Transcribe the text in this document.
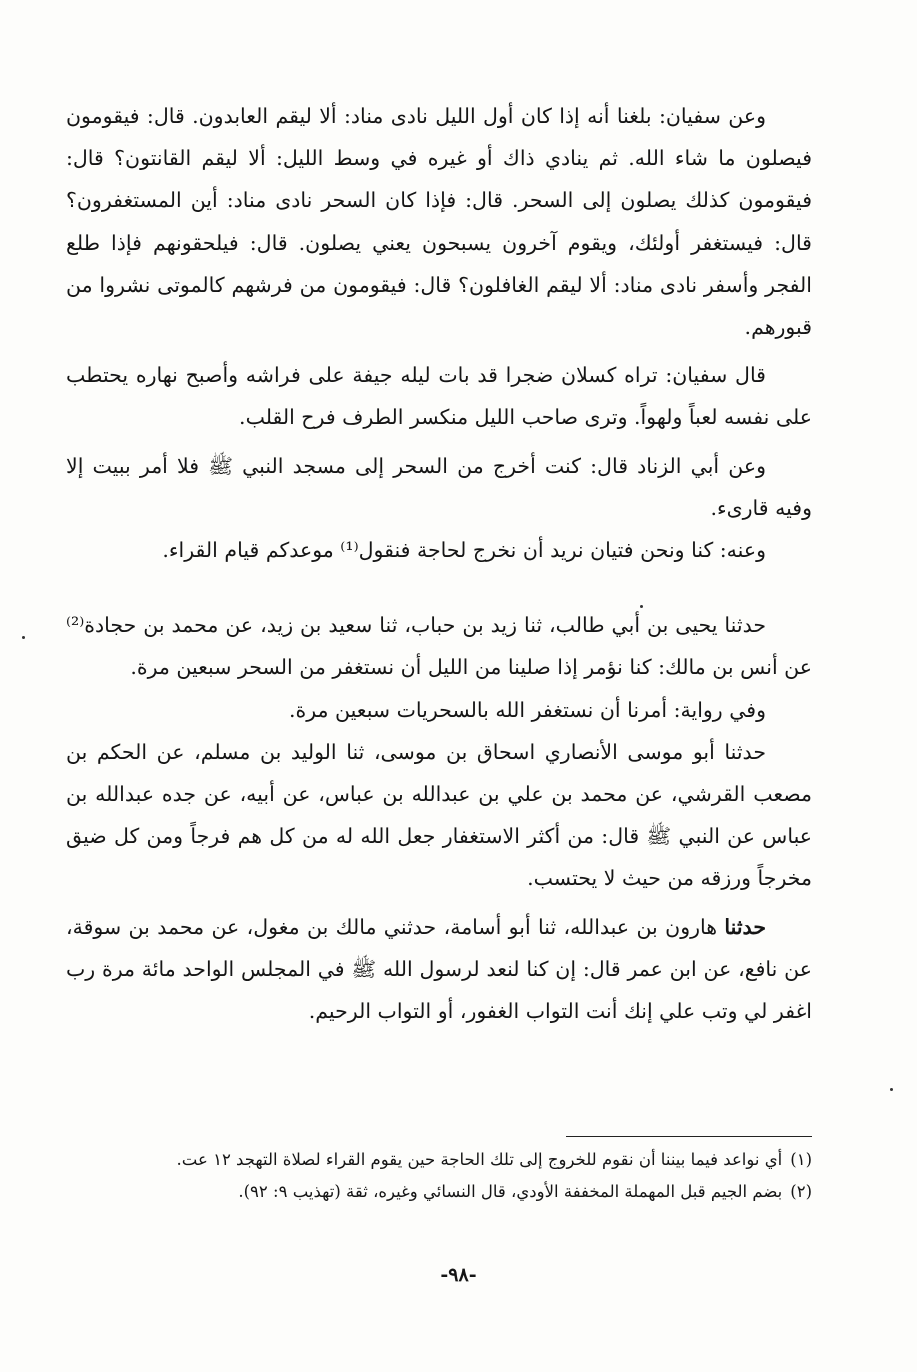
وعن سفيان: بلغنا أنه إذا كان أول الليل نادى مناد: ألا ليقم العابدون. قال: فيقومون فيصلون ما شاء الله. ثم ينادي ذاك أو غيره في وسط الليل: ألا ليقم القانتون؟ قال: فيقومون كذلك يصلون إلى السحر. قال: فإذا كان السحر نادى مناد: أين المستغفرون؟ قال: فيستغفر أولئك، ويقوم آخرون يسبحون يعني يصلون. قال: فيلحقونهم فإذا طلع الفجر وأسفر نادى مناد: ألا ليقم الغافلون؟ قال: فيقومون من فرشهم كالموتى نشروا من قبورهم.

قال سفيان: تراه كسلان ضجرا قد بات ليله جيفة على فراشه وأصبح نهاره يحتطب على نفسه لعباً ولهواً. وترى صاحب الليل منكسر الطرف فرح القلب.

وعن أبي الزناد قال: كنت أخرج من السحر إلى مسجد النبي ﷺ فلا أمر ببيت إلا وفيه قارىء.

وعنه: كنا ونحن فتيان نريد أن نخرج لحاجة فنقول⁽¹⁾ موعدكم قيام القراء.

حدثنا يحيى بن أبي طالب، ثنا زيد بن حباب، ثنا سعيد بن زيد، عن محمد بن حجادة⁽²⁾ عن أنس بن مالك: كنا نؤمر إذا صلينا من الليل أن نستغفر من السحر سبعين مرة.

وفي رواية: أمرنا أن نستغفر الله بالسحريات سبعين مرة.

حدثنا أبو موسى الأنصاري اسحاق بن موسى، ثنا الوليد بن مسلم، عن الحكم بن مصعب القرشي، عن محمد بن علي بن عبدالله بن عباس، عن أبيه، عن جده عبدالله بن عباس عن النبي ﷺ قال: من أكثر الاستغفار جعل الله له من كل هم فرجاً ومن كل ضيق مخرجاً ورزقه من حيث لا يحتسب.

حدثنا هارون بن عبدالله، ثنا أبو أسامة، حدثني مالك بن مغول، عن محمد بن سوقة، عن نافع، عن ابن عمر قال: إن كنا لنعد لرسول الله ﷺ في المجلس الواحد مائة مرة رب اغفر لي وتب علي إنك أنت التواب الغفور، أو التواب الرحيم.

(١)أي نواعد فيما بيننا أن نقوم للخروج إلى تلك الحاجة حين يقوم القراء لصلاة التهجد ١٢ عت.

(٢)بضم الجيم قبل المهملة المخففة الأودي، قال النسائي وغيره، ثقة (تهذيب ٩: ٩٢).

-٩٨-
